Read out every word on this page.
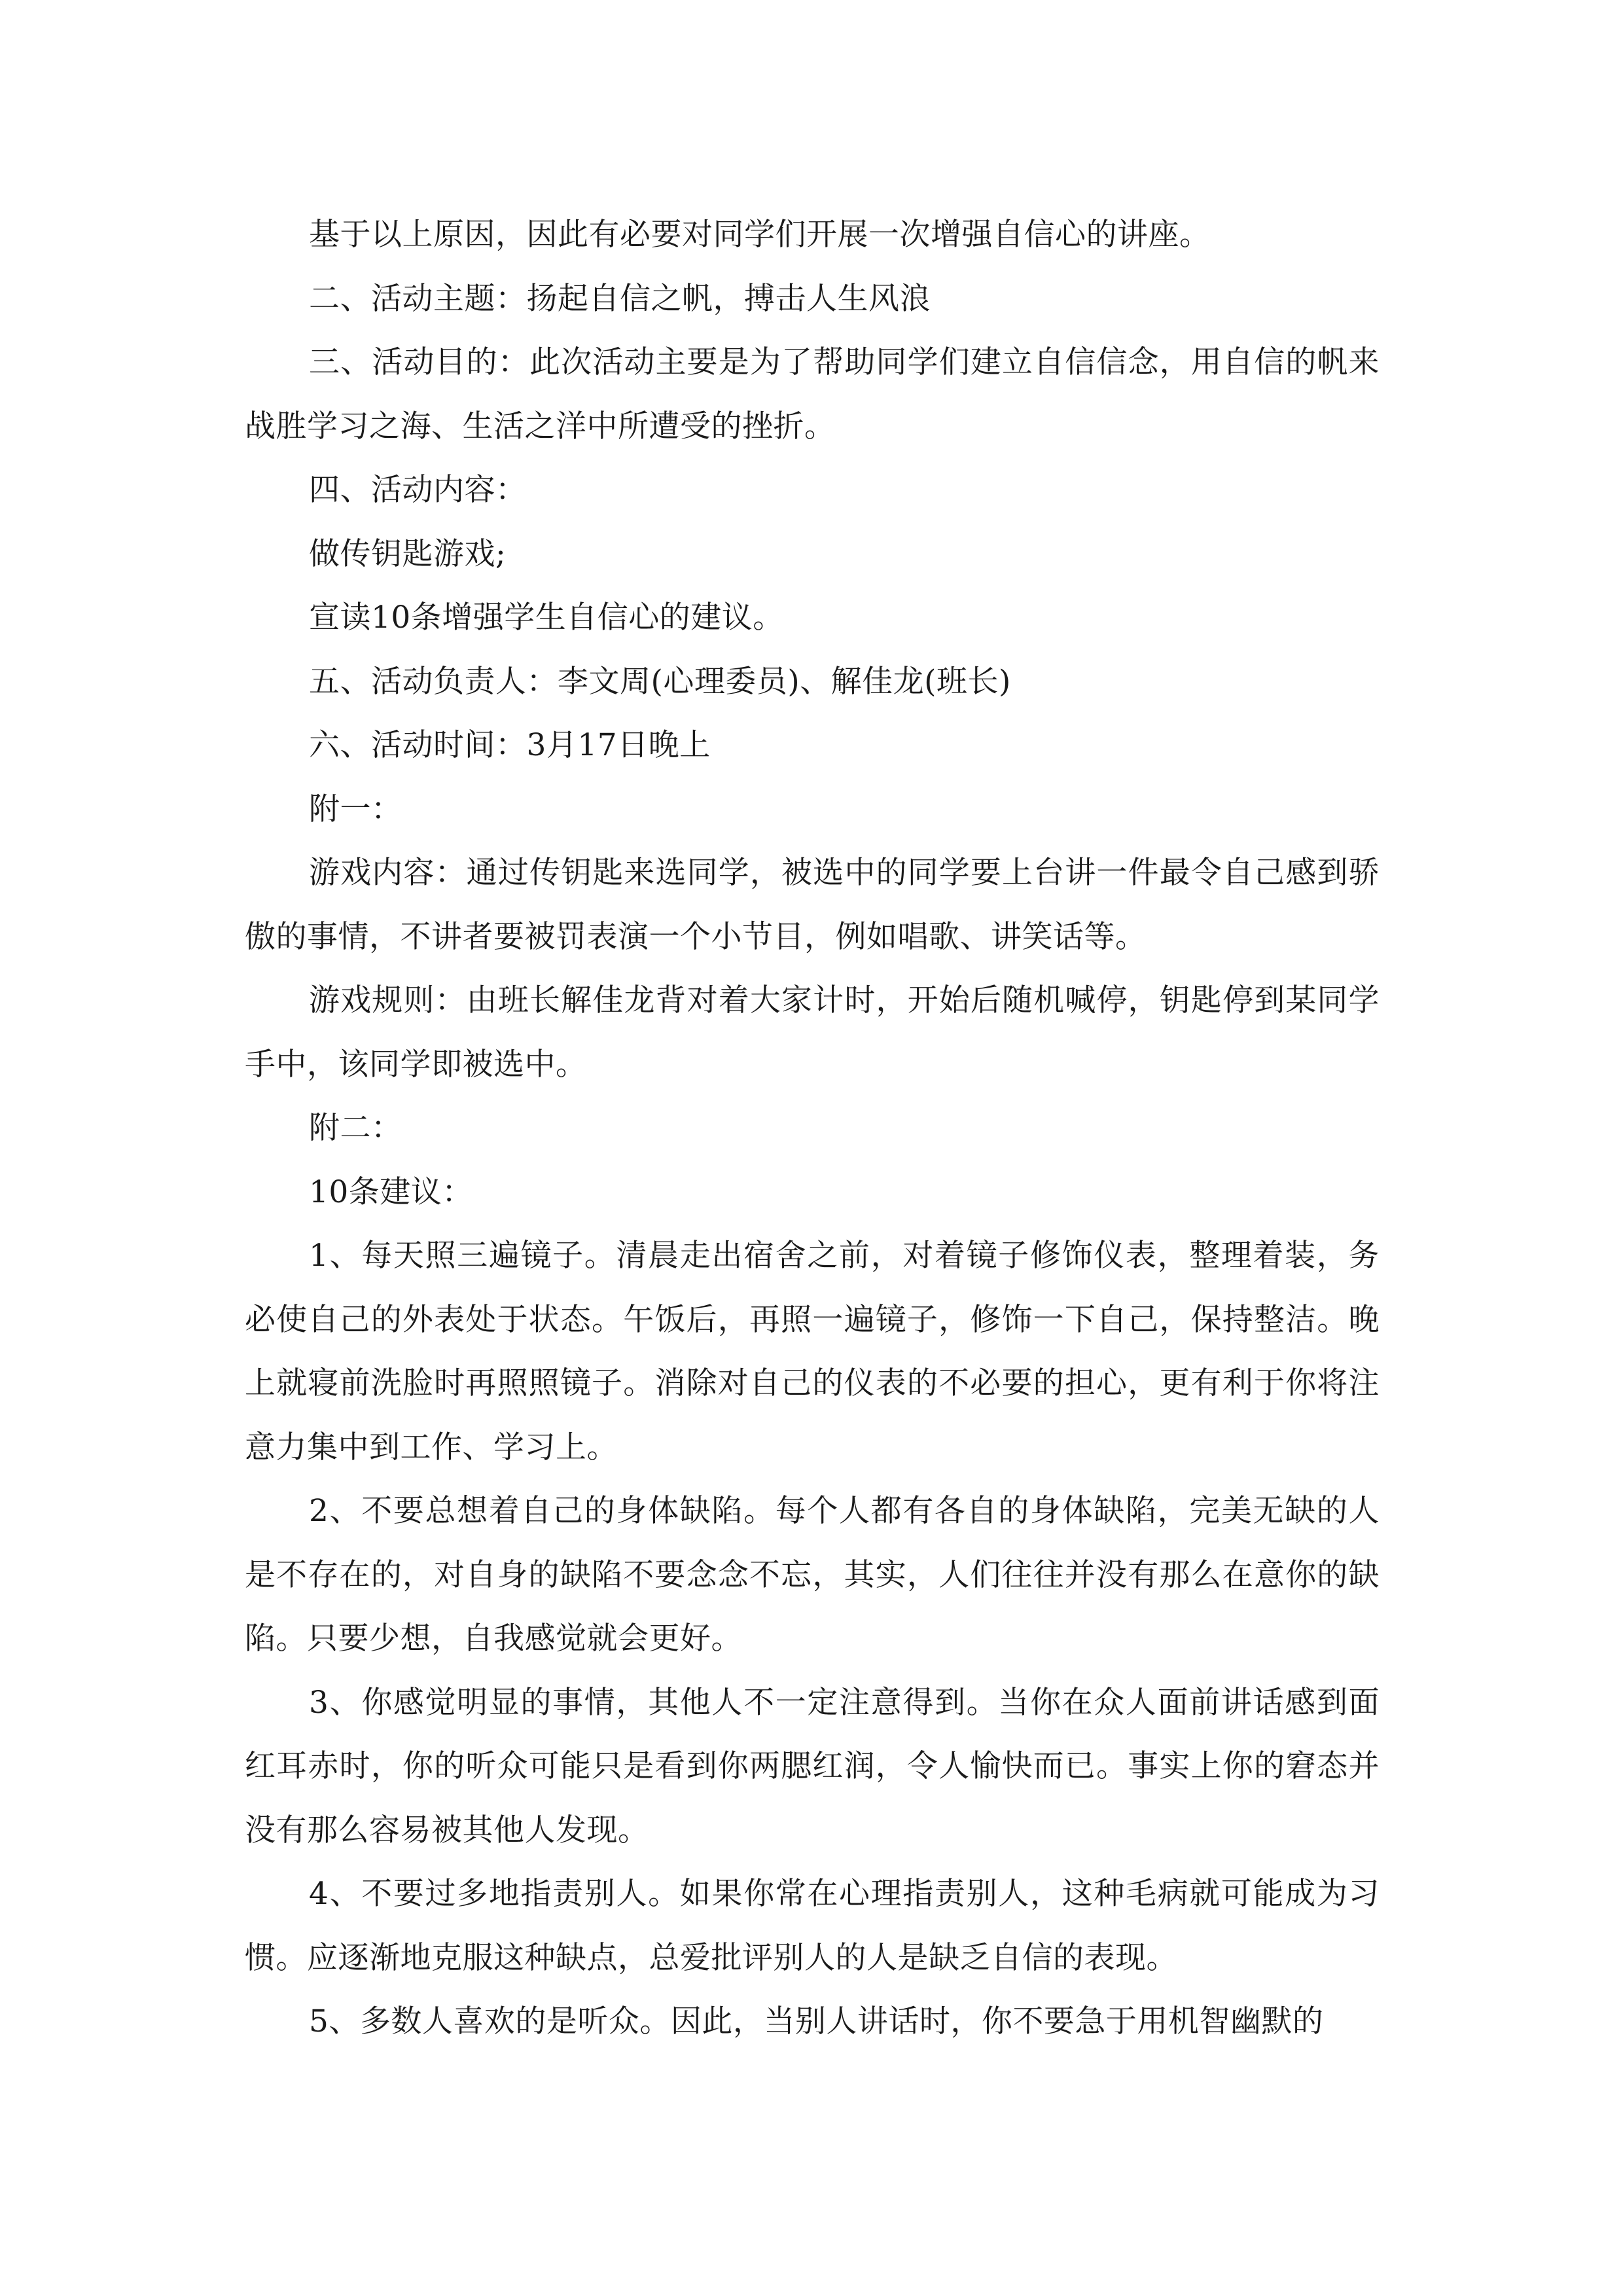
基于以上原因，因此有必要对同学们开展一次增强自信心的讲座。

二、活动主题：扬起自信之帆，搏击人生风浪

三、活动目的：此次活动主要是为了帮助同学们建立自信信念，用自信的帆来战胜学习之海、生活之洋中所遭受的挫折。

四、活动内容：

做传钥匙游戏;

宣读10条增强学生自信心的建议。

五、活动负责人：李文周(心理委员)、解佳龙(班长)

六、活动时间：3月17日晚上

附一：

游戏内容：通过传钥匙来选同学，被选中的同学要上台讲一件最令自己感到骄傲的事情，不讲者要被罚表演一个小节目，例如唱歌、讲笑话等。

游戏规则：由班长解佳龙背对着大家计时，开始后随机喊停，钥匙停到某同学手中，该同学即被选中。

附二：

10条建议：

1、每天照三遍镜子。清晨走出宿舍之前，对着镜子修饰仪表，整理着装，务必使自己的外表处于状态。午饭后，再照一遍镜子，修饰一下自己，保持整洁。晚上就寝前洗脸时再照照镜子。消除对自己的仪表的不必要的担心，更有利于你将注意力集中到工作、学习上。

2、不要总想着自己的身体缺陷。每个人都有各自的身体缺陷，完美无缺的人是不存在的，对自身的缺陷不要念念不忘，其实，人们往往并没有那么在意你的缺陷。只要少想，自我感觉就会更好。

3、你感觉明显的事情，其他人不一定注意得到。当你在众人面前讲话感到面红耳赤时，你的听众可能只是看到你两腮红润，令人愉快而已。事实上你的窘态并没有那么容易被其他人发现。

4、不要过多地指责别人。如果你常在心理指责别人，这种毛病就可能成为习惯。应逐渐地克服这种缺点，总爱批评别人的人是缺乏自信的表现。

5、多数人喜欢的是听众。因此，当别人讲话时，你不要急于用机智幽默的
